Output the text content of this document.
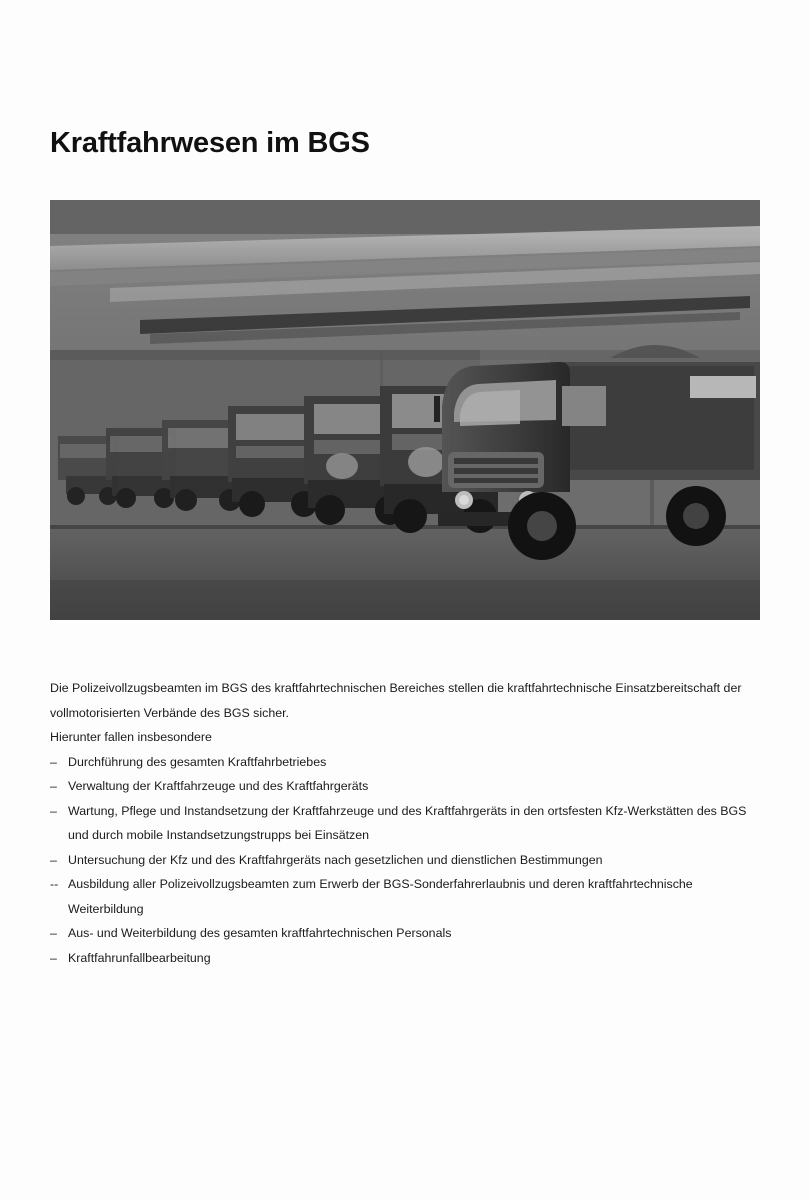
Kraftfahrwesen im BGS

Die Polizeivollzugsbeamten im BGS des kraftfahrtechnischen Bereiches stellen die kraftfahrtechnische Einsatzbereitschaft der vollmotorisierten Verbände des BGS sicher.

Hierunter fallen insbesondere

– Durchführung des gesamten Kraftfahrbetriebes
– Verwaltung der Kraftfahrzeuge und des Kraftfahrgeräts
– Wartung, Pflege und Instandsetzung der Kraftfahrzeuge und des Kraftfahrgeräts in den ortsfesten Kfz-Werkstätten des BGS und durch mobile Instandsetzungstrupps bei Einsätzen
– Untersuchung der Kfz und des Kraftfahrgeräts nach gesetzlichen und dienstlichen Bestimmungen
-- Ausbildung aller Polizeivollzugsbeamten zum Erwerb der BGS-Sonderfahrerlaubnis und deren kraftfahrtechnische Weiterbildung
– Aus- und Weiterbildung des gesamten kraftfahrtechnischen Personals
– Kraftfahrunfallbearbeitung
